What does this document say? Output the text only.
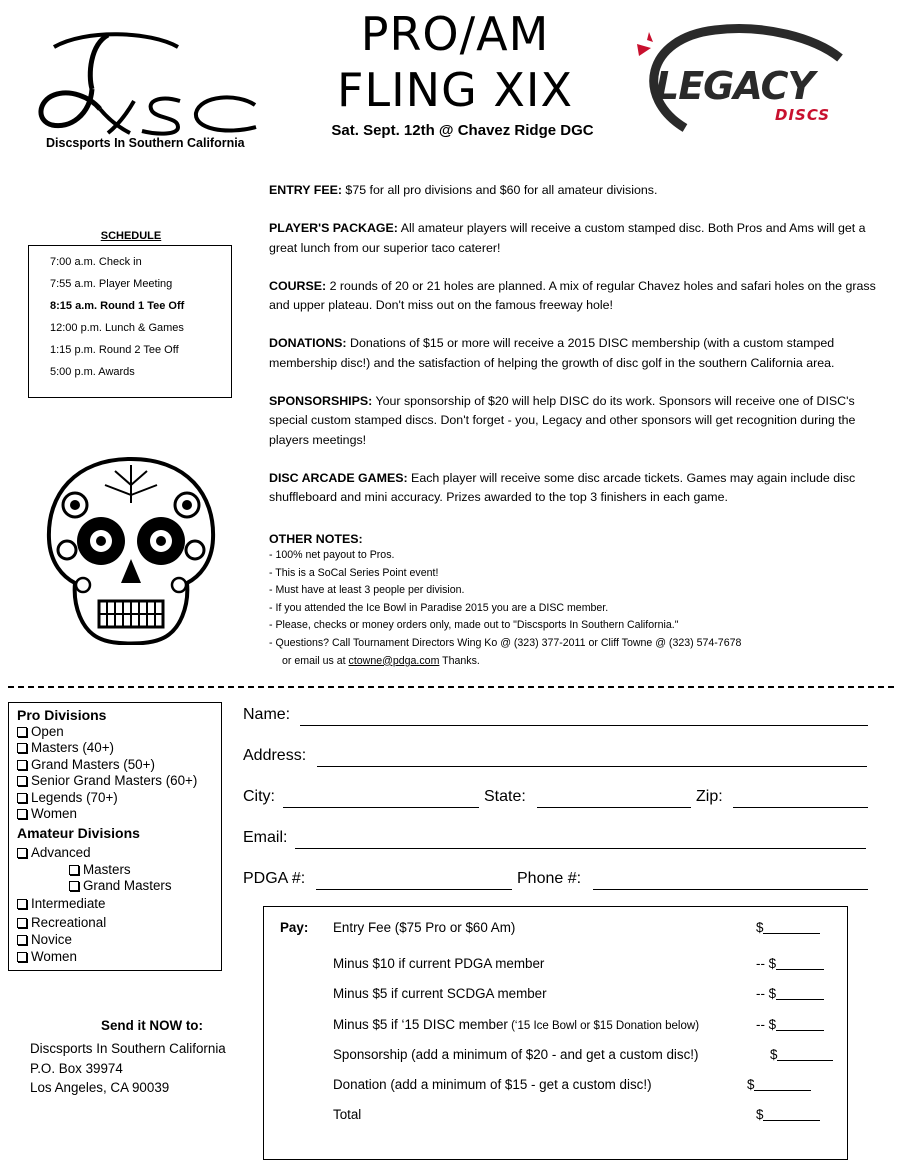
Discsports In Southern California
PRO/AM
FLING XIX
Sat. Sept. 12th @ Chavez Ridge DGC
LEGACY
DISCS
SCHEDULE
7:00 a.m. Check in
7:55 a.m. Player Meeting
8:15 a.m. Round 1 Tee Off
12:00 p.m. Lunch & Games
1:15 p.m. Round 2 Tee Off
5:00 p.m. Awards

ENTRY FEE: $75 for all pro divisions and $60 for all amateur divisions.

PLAYER'S PACKAGE: All amateur players will receive a custom stamped disc. Both Pros and Ams will get a great lunch from our superior taco caterer!

COURSE: 2 rounds of 20 or 21 holes are planned. A mix of regular Chavez holes and safari holes on the grass and upper plateau. Don't miss out on the famous freeway hole!

DONATIONS: Donations of $15 or more will receive a 2015 DISC membership (with a custom stamped membership disc!) and the satisfaction of helping the growth of disc golf in the southern California area.

SPONSORSHIPS: Your sponsorship of $20 will help DISC do its work. Sponsors will receive one of DISC's special custom stamped discs. Don't forget - you, Legacy and other sponsors will get recognition during the players meetings!

DISC ARCADE GAMES: Each player will receive some disc arcade tickets. Games may again include disc shuffleboard and mini accuracy. Prizes awarded to the top 3 finishers in each game.

OTHER NOTES:
- 100% net payout to Pros.
- This is a SoCal Series Point event!
- Must have at least 3 people per division.
- If you attended the Ice Bowl in Paradise 2015 you are a DISC member.
- Please, checks or money orders only, made out to "Discsports In Southern California."
- Questions? Call Tournament Directors Wing Ko @ (323) 377-2011 or Cliff Towne @ (323) 574-7678
or email us at ctowne@pdga.com Thanks.
Pro Divisions
Open
Masters (40+)
Grand Masters (50+)
Senior Grand Masters (60+)
Legends (70+)
Women
Amateur Divisions
Advanced
Masters
Grand Masters
Intermediate
Recreational
Novice
Women
Send it NOW to:
Discsports In Southern California
P.O. Box 39974
Los Angeles, CA 90039
Name:
Address:
City:	State:	Zip:
Email:
PDGA #:	Phone #:
Pay: Entry Fee ($75 Pro or $60 Am)	$
Minus $10 if current PDGA member	-- $
Minus $5 if current SCDGA member	-- $
Minus $5 if ‘15 DISC member (‘15 Ice Bowl or $15 Donation below)	-- $
Sponsorship (add a minimum of $20 - and get a custom disc!)	$
Donation (add a minimum of $15 - get a custom disc!)	$
Total	$
